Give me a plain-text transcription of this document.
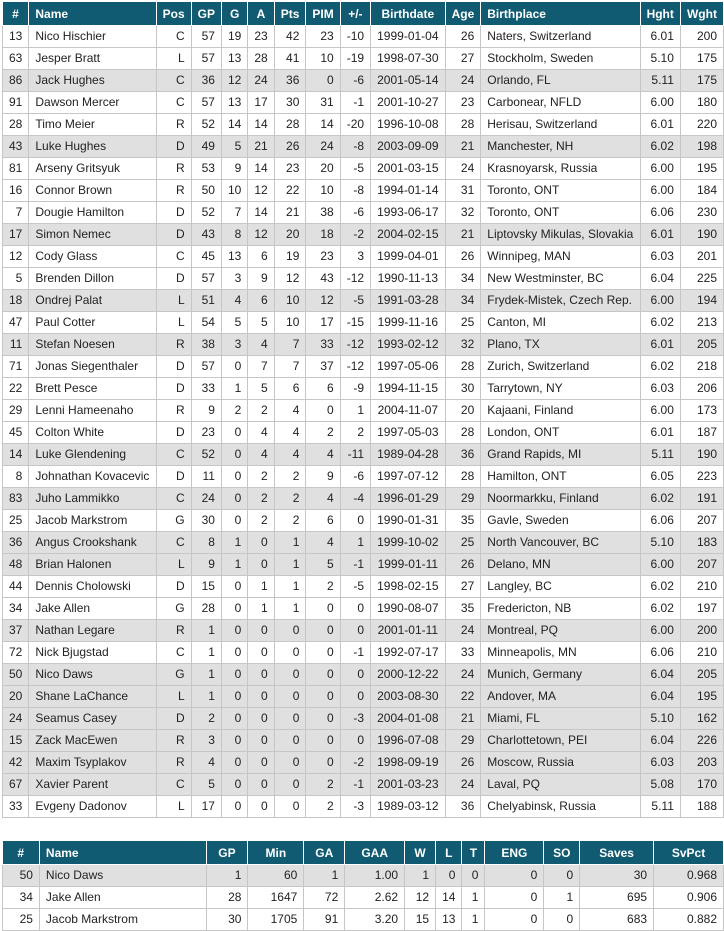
#	Name	Pos	GP	G	A	Pts	PIM	+/-	Birthdate	Age	Birthplace	Hght	Wght
13	Nico Hischier	C	57	19	23	42	23	-10	1999-01-04	26	Naters, Switzerland	6.01	200
63	Jesper Bratt	L	57	13	28	41	10	-19	1998-07-30	27	Stockholm, Sweden	5.10	175
86	Jack Hughes	C	36	12	24	36	0	-6	2001-05-14	24	Orlando, FL	5.11	175
91	Dawson Mercer	C	57	13	17	30	31	-1	2001-10-27	23	Carbonear, NFLD	6.00	180
28	Timo Meier	R	52	14	14	28	14	-20	1996-10-08	28	Herisau, Switzerland	6.01	220
43	Luke Hughes	D	49	5	21	26	24	-8	2003-09-09	21	Manchester, NH	6.02	198
81	Arseny Gritsyuk	R	53	9	14	23	20	-5	2001-03-15	24	Krasnoyarsk, Russia	6.00	195
16	Connor Brown	R	50	10	12	22	10	-8	1994-01-14	31	Toronto, ONT	6.00	184
7	Dougie Hamilton	D	52	7	14	21	38	-6	1993-06-17	32	Toronto, ONT	6.06	230
17	Simon Nemec	D	43	8	12	20	18	-2	2004-02-15	21	Liptovsky Mikulas, Slovakia	6.01	190
12	Cody Glass	C	45	13	6	19	23	3	1999-04-01	26	Winnipeg, MAN	6.03	201
5	Brenden Dillon	D	57	3	9	12	43	-12	1990-11-13	34	New Westminster, BC	6.04	225
18	Ondrej Palat	L	51	4	6	10	12	-5	1991-03-28	34	Frydek-Mistek, Czech Rep.	6.00	194
47	Paul Cotter	L	54	5	5	10	17	-15	1999-11-16	25	Canton, MI	6.02	213
11	Stefan Noesen	R	38	3	4	7	33	-12	1993-02-12	32	Plano, TX	6.01	205
71	Jonas Siegenthaler	D	57	0	7	7	37	-12	1997-05-06	28	Zurich, Switzerland	6.02	218
22	Brett Pesce	D	33	1	5	6	6	-9	1994-11-15	30	Tarrytown, NY	6.03	206
29	Lenni Hameenaho	R	9	2	2	4	0	1	2004-11-07	20	Kajaani, Finland	6.00	173
45	Colton White	D	23	0	4	4	2	2	1997-05-03	28	London, ONT	6.01	187
14	Luke Glendening	C	52	0	4	4	4	-11	1989-04-28	36	Grand Rapids, MI	5.11	190
8	Johnathan Kovacevic	D	11	0	2	2	9	-6	1997-07-12	28	Hamilton, ONT	6.05	223
83	Juho Lammikko	C	24	0	2	2	4	-4	1996-01-29	29	Noormarkku, Finland	6.02	191
25	Jacob Markstrom	G	30	0	2	2	6	0	1990-01-31	35	Gavle, Sweden	6.06	207
36	Angus Crookshank	C	8	1	0	1	4	1	1999-10-02	25	North Vancouver, BC	5.10	183
48	Brian Halonen	L	9	1	0	1	5	-1	1999-01-11	26	Delano, MN	6.00	207
44	Dennis Cholowski	D	15	0	1	1	2	-5	1998-02-15	27	Langley, BC	6.02	210
34	Jake Allen	G	28	0	1	1	0	0	1990-08-07	35	Fredericton, NB	6.02	197
37	Nathan Legare	R	1	0	0	0	0	0	2001-01-11	24	Montreal, PQ	6.00	200
72	Nick Bjugstad	C	1	0	0	0	0	-1	1992-07-17	33	Minneapolis, MN	6.06	210
50	Nico Daws	G	1	0	0	0	0	0	2000-12-22	24	Munich, Germany	6.04	205
20	Shane LaChance	L	1	0	0	0	0	0	2003-08-30	22	Andover, MA	6.04	195
24	Seamus Casey	D	2	0	0	0	0	-3	2004-01-08	21	Miami, FL	5.10	162
15	Zack MacEwen	R	3	0	0	0	0	0	1996-07-08	29	Charlottetown, PEI	6.04	226
42	Maxim Tsyplakov	R	4	0	0	0	0	-2	1998-09-19	26	Moscow, Russia	6.03	203
67	Xavier Parent	C	5	0	0	0	2	-1	2001-03-23	24	Laval, PQ	5.08	170
33	Evgeny Dadonov	L	17	0	0	0	2	-3	1989-03-12	36	Chelyabinsk, Russia	5.11	188
#	Name	GP	Min	GA	GAA	W	L	T	ENG	SO	Saves	SvPct
50	Nico Daws	1	60	1	1.00	1	0	0	0	0	30	0.968
34	Jake Allen	28	1647	72	2.62	12	14	1	0	1	695	0.906
25	Jacob Markstrom	30	1705	91	3.20	15	13	1	0	0	683	0.882
